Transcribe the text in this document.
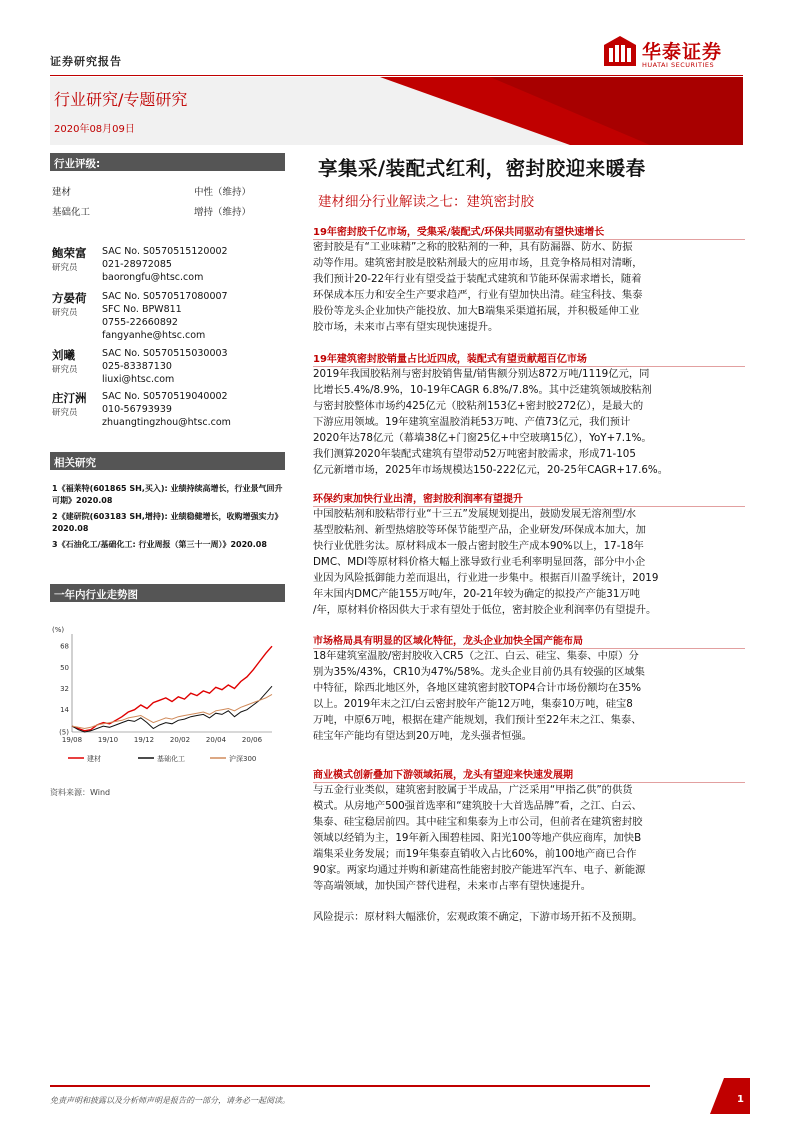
证券研究报告	华泰证券
HUATAI SECURITIES
行业研究/专题研究
2020年08月09日
行业评级:
建材	中性（维持）
基础化工	增持（维持）
鲍荣富
研究员
SAC No. S0570515120002
021-28972085
baorongfu@htsc.com
方晏荷
研究员
SAC No. S0570517080007
SFC No. BPW811
0755-22660892
fangyanhe@htsc.com
刘曦
研究员
SAC No. S0570515030003
025-83387130
liuxi@htsc.com
庄汀洲
研究员
SAC No. S0570519040002
010-56793939
zhuangtingzhou@htsc.com
相关研究
1《福莱特(601865 SH,买入): 业绩持续高增长，行业景气回升可期》2020.08
2《建研院(603183 SH,增持): 业绩稳健增长，收购增强实力》2020.08
3《石油化工/基础化工: 行业周报（第三十一周）》2020.08
一年内行业走势图
(%)
68
50
32
14
(5)
19/08 19/10 19/12 20/02 20/04 20/06
建材	基础化工	沪深300
资料来源：Wind
享集采/装配式红利，密封胶迎来暖春
建材细分行业解读之七：建筑密封胶
19年密封胶千亿市场，受集采/装配式/环保共同驱动有望快速增长
密封胶是有“工业味精”之称的胶粘剂的一种，具有防漏器、防水、防振
动等作用。建筑密封胶是胶粘剂最大的应用市场，且竞争格局相对清晰，
我们预计20-22年行业有望受益于装配式建筑和节能环保需求增长，随着
环保成本压力和安全生产要求趋严，行业有望加快出清。硅宝科技、集泰
股份等龙头企业加快产能投放、加大B端集采渠道拓展，并积极延伸工业
胶市场，未来市占率有望实现快速提升。
19年建筑密封胶销量占比近四成，装配式有望贡献超百亿市场
2019年我国胶粘剂与密封胶销售量/销售额分别达872万吨/1119亿元，同
比增长5.4%/8.9%，10-19年CAGR 6.8%/7.8%。其中泛建筑领域胶粘剂
与密封胶整体市场约425亿元（胶粘剂153亿+密封胶272亿），是最大的
下游应用领域。19年建筑室温胶消耗53万吨、产值73亿元，我们预计
2020年达78亿元（幕墙38亿+门窗25亿+中空玻璃15亿），YoY+7.1%。
我们测算2020年装配式建筑有望带动52万吨密封胶需求，形成71-105
亿元新增市场，2025年市场规模达150-222亿元，20-25年CAGR+17.6%。
环保约束加快行业出清，密封胶利润率有望提升
中国胶粘剂和胶粘带行业“十三五”发展规划提出，鼓励发展无溶剂型/水
基型胶粘剂、新型热熔胶等环保节能型产品，企业研发/环保成本加大，加
快行业优胜劣汰。原材料成本一般占密封胶生产成本90%以上，17-18年
DMC、MDI等原材料价格大幅上涨导致行业毛利率明显回落，部分中小企
业因为风险抵御能力差而退出，行业进一步集中。根据百川盈孚统计，2019
年末国内DMC产能155万吨/年，20-21年较为确定的拟投产产能31万吨
/年，原材料价格因供大于求有望处于低位，密封胶企业利润率仍有望提升。
市场格局具有明显的区域化特征，龙头企业加快全国产能布局
18年建筑室温胶/密封胶收入CR5（之江、白云、硅宝、集泰、中原）分
别为35%/43%，CR10为47%/58%。龙头企业目前仍具有较强的区域集
中特征，除西北地区外，各地区建筑密封胶TOP4合计市场份额均在35%
以上。2019年末之江/白云密封胶年产能12万吨，集泰10万吨，硅宝8
万吨，中原6万吨，根据在建产能规划，我们预计至22年末之江、集泰、
硅宝年产能均有望达到20万吨，龙头强者恒强。
商业模式创新叠加下游领域拓展，龙头有望迎来快速发展期
与五金行业类似，建筑密封胶属于半成品，广泛采用“甲指乙供”的供货
模式。从房地产500强首选率和“建筑胶十大首选品牌”看，之江、白云、
集泰、硅宝稳居前四。其中硅宝和集泰为上市公司，但前者在建筑密封胶
领域以经销为主，19年新入围碧桂园、阳光100等地产供应商库，加快B
端集采业务发展；而19年集泰直销收入占比60%，前100地产商已合作
90家。两家均通过并购和新建高性能密封胶产能进军汽车、电子、新能源
等高端领域，加快国产替代进程，未来市占率有望快速提升。
风险提示：原材料大幅涨价，宏观政策不确定，下游市场开拓不及预期。
免责声明和披露以及分析师声明是报告的一部分，请务必一起阅读。	1
